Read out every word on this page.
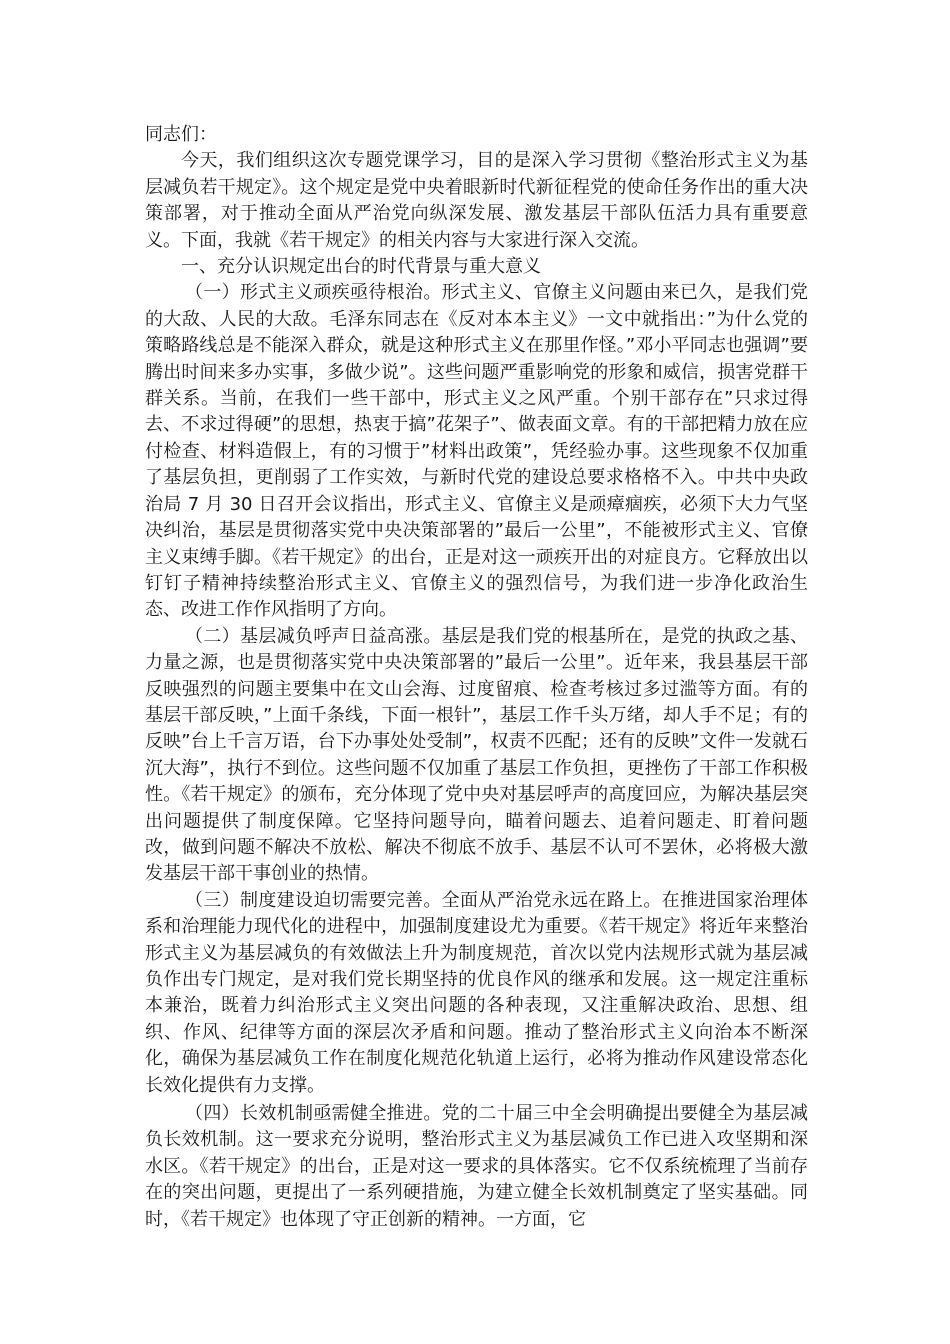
同志们：

今天，我们组织这次专题党课学习，目的是深入学习贯彻《整治形式主义为基层减负若干规定》。这个规定是党中央着眼新时代新征程党的使命任务作出的重大决策部署，对于推动全面从严治党向纵深发展、激发基层干部队伍活力具有重要意义。下面，我就《若干规定》的相关内容与大家进行深入交流。

一、充分认识规定出台的时代背景与重大意义

（一）形式主义顽疾亟待根治。形式主义、官僚主义问题由来已久，是我们党的大敌、人民的大敌。毛泽东同志在《反对本本主义》一文中就指出：”为什么党的策略路线总是不能深入群众，就是这种形式主义在那里作怪。”邓小平同志也强调”要腾出时间来多办实事，多做少说”。这些问题严重影响党的形象和威信，损害党群干群关系。当前，在我们一些干部中，形式主义之风严重。个别干部存在”只求过得去、不求过得硬”的思想，热衷于搞”花架子”、做表面文章。有的干部把精力放在应付检查、材料造假上，有的习惯于”材料出政策”，凭经验办事。这些现象不仅加重了基层负担，更削弱了工作实效，与新时代党的建设总要求格格不入。中共中央政治局 7 月 30 日召开会议指出，形式主义、官僚主义是顽瘴痼疾，必须下大力气坚决纠治，基层是贯彻落实党中央决策部署的”最后一公里”，不能被形式主义、官僚主义束缚手脚。《若干规定》的出台，正是对这一顽疾开出的对症良方。它释放出以钉钉子精神持续整治形式主义、官僚主义的强烈信号，为我们进一步净化政治生态、改进工作作风指明了方向。

（二）基层减负呼声日益高涨。基层是我们党的根基所在，是党的执政之基、力量之源，也是贯彻落实党中央决策部署的”最后一公里”。近年来，我县基层干部反映强烈的问题主要集中在文山会海、过度留痕、检查考核过多过滥等方面。有的基层干部反映，”上面千条线，下面一根针”，基层工作千头万绪，却人手不足；有的反映”台上千言万语，台下办事处处受制”，权责不匹配；还有的反映”文件一发就石沉大海”，执行不到位。这些问题不仅加重了基层工作负担，更挫伤了干部工作积极性。《若干规定》的颁布，充分体现了党中央对基层呼声的高度回应，为解决基层突出问题提供了制度保障。它坚持问题导向，瞄着问题去、追着问题走、盯着问题改，做到问题不解决不放松、解决不彻底不放手、基层不认可不罢休，必将极大激发基层干部干事创业的热情。

（三）制度建设迫切需要完善。全面从严治党永远在路上。在推进国家治理体系和治理能力现代化的进程中，加强制度建设尤为重要。《若干规定》将近年来整治形式主义为基层减负的有效做法上升为制度规范，首次以党内法规形式就为基层减负作出专门规定，是对我们党长期坚持的优良作风的继承和发展。这一规定注重标本兼治，既着力纠治形式主义突出问题的各种表现，又注重解决政治、思想、组织、作风、纪律等方面的深层次矛盾和问题。推动了整治形式主义向治本不断深化，确保为基层减负工作在制度化规范化轨道上运行，必将为推动作风建设常态化长效化提供有力支撑。

（四）长效机制亟需健全推进。党的二十届三中全会明确提出要健全为基层减负长效机制。这一要求充分说明，整治形式主义为基层减负工作已进入攻坚期和深水区。《若干规定》的出台，正是对这一要求的具体落实。它不仅系统梳理了当前存在的突出问题，更提出了一系列硬措施，为建立健全长效机制奠定了坚实基础。同时，《若干规定》也体现了守正创新的精神。一方面，它
